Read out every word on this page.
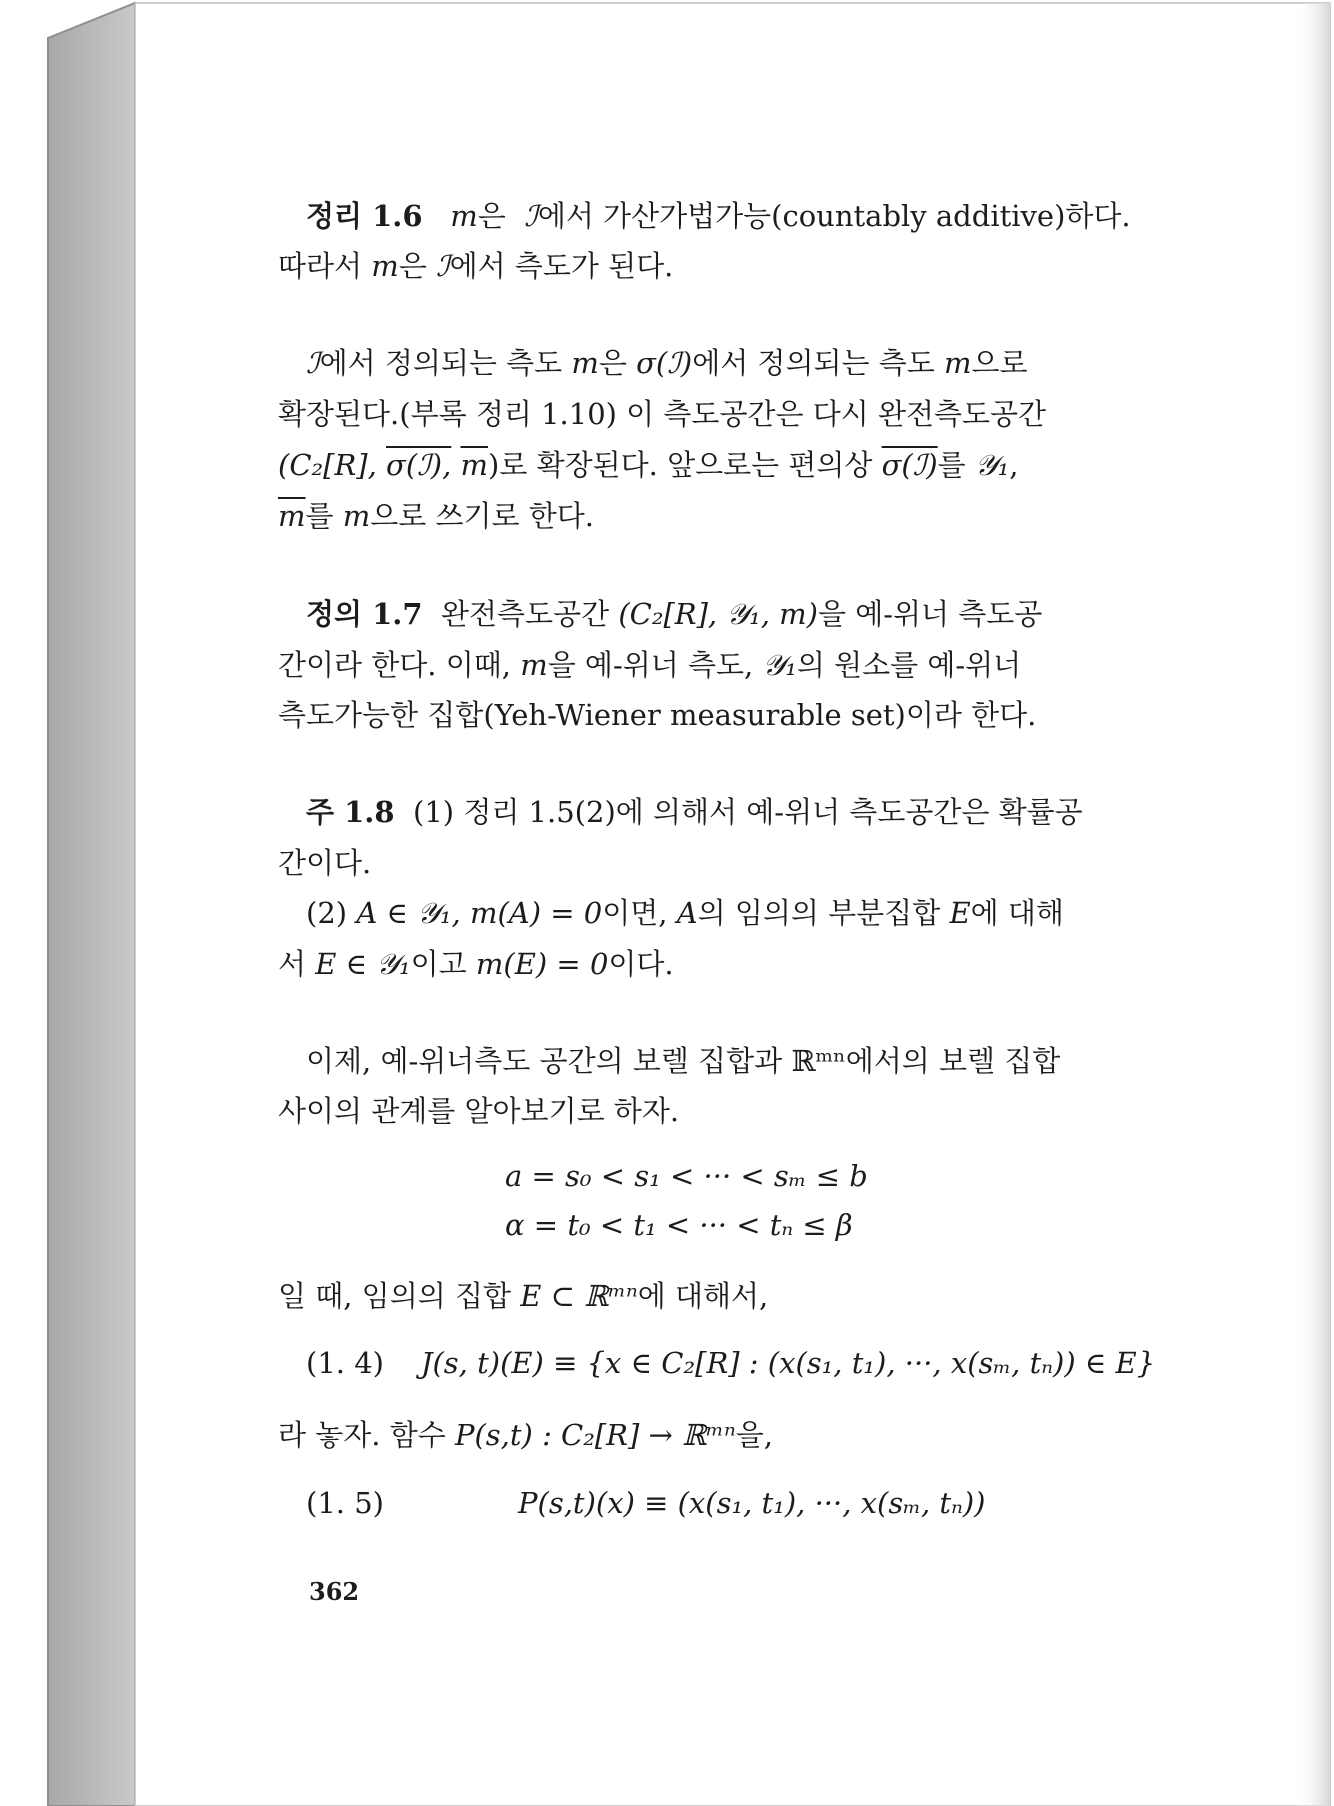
정리 1.6 m은 ℐ에서 가산가법가능(countably additive)하다.
따라서 m은 ℐ에서 측도가 된다.
ℐ에서 정의되는 측도 m은 σ(ℐ)에서 정의되는 측도 m으로
확장된다.(부록 정리 1.10) 이 측도공간은 다시 완전측도공간
(C₂[R], σ(ℐ), $\overline{m}$)로 확장된다. 앞으로는 편의상 σ(ℐ)를 𝒴₁,
$\overline{m}$를 m으로 쓰기로 한다.
정의 1.7 완전측도공간 (C₂[R], 𝒴₁, m)을 예-위너 측도공
간이라 한다. 이때, m을 예-위너 측도, 𝒴₁의 원소를 예-위너
측도가능한 집합(Yeh-Wiener measurable set)이라 한다.
주 1.8 (1) 정리 1.5(2)에 의해서 예-위너 측도공간은 확률공
간이다.
(2) A ∈ 𝒴₁, m(A) = 0이면, A의 임의의 부분집합 E에 대해
서 E ∈ 𝒴₁이고 m(E) = 0이다.
이제, 예-위너측도 공간의 보렐 집합과 ℝᵐⁿ에서의 보렐 집합
사이의 관계를 알아보기로 하자.
a = s₀ < s₁ < ··· < sₘ ≤ b
α = t₀ < t₁ < ··· < tₙ ≤ β
일 때, 임의의 집합 E ⊂ ℝᵐⁿ에 대해서,
(1. 4) J(s, t)(E) ≡ {x ∈ C₂[R] : (x(s₁, t₁), ···, x(sₘ, tₙ)) ∈ E}
라 놓자. 함수 P(s,t) : C₂[R] → ℝᵐⁿ을,
(1. 5)	P(s,t)(x) ≡ (x(s₁, t₁), ···, x(sₘ, tₙ))
362
